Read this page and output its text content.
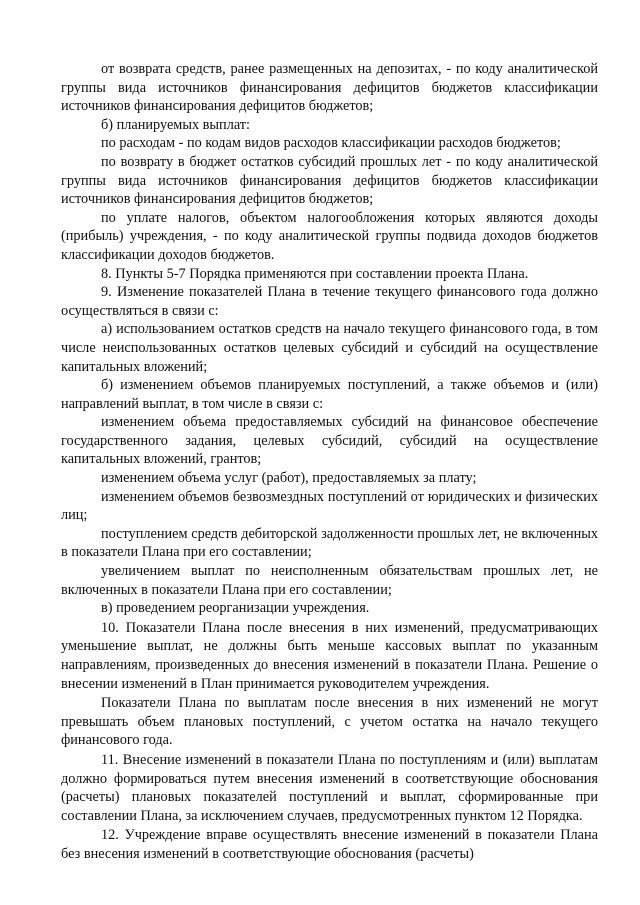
от возврата средств, ранее размещенных на депозитах, - по коду аналитической группы вида источников финансирования дефицитов бюджетов классификации источников финансирования дефицитов бюджетов;

б) планируемых выплат:

по расходам - по кодам видов расходов классификации расходов бюджетов;

по возврату в бюджет остатков субсидий прошлых лет - по коду аналитической группы вида источников финансирования дефицитов бюджетов классификации источников финансирования дефицитов бюджетов;

по уплате налогов, объектом налогообложения которых являются доходы (прибыль) учреждения, - по коду аналитической группы подвида доходов бюджетов классификации доходов бюджетов.

8. Пункты 5-7 Порядка применяются при составлении проекта Плана.

9. Изменение показателей Плана в течение текущего финансового года должно осуществляться в связи с:

а) использованием остатков средств на начало текущего финансового года, в том числе неиспользованных остатков целевых субсидий и субсидий на осуществление капитальных вложений;

б) изменением объемов планируемых поступлений, а также объемов и (или) направлений выплат, в том числе в связи с:

изменением объема предоставляемых субсидий на финансовое обеспечение государственного задания, целевых субсидий, субсидий на осуществление капитальных вложений, грантов;

изменением объема услуг (работ), предоставляемых за плату;

изменением объемов безвозмездных поступлений от юридических и физических лиц;

поступлением средств дебиторской задолженности прошлых лет, не включенных в показатели Плана при его составлении;

увеличением выплат по неисполненным обязательствам прошлых лет, не включенных в показатели Плана при его составлении;

в) проведением реорганизации учреждения.

10. Показатели Плана после внесения в них изменений, предусматривающих уменьшение выплат, не должны быть меньше кассовых выплат по указанным направлениям, произведенных до внесения изменений в показатели Плана. Решение о внесении изменений в План принимается руководителем учреждения.

Показатели Плана по выплатам после внесения в них изменений не могут превышать объем плановых поступлений, с учетом остатка на начало текущего финансового года.

11. Внесение изменений в показатели Плана по поступлениям и (или) выплатам должно формироваться путем внесения изменений в соответствующие обоснования (расчеты) плановых показателей поступлений и выплат, сформированные при составлении Плана, за исключением случаев, предусмотренных пунктом 12 Порядка.

12. Учреждение вправе осуществлять внесение изменений в показатели Плана без внесения изменений в соответствующие обоснования (расчеты)
